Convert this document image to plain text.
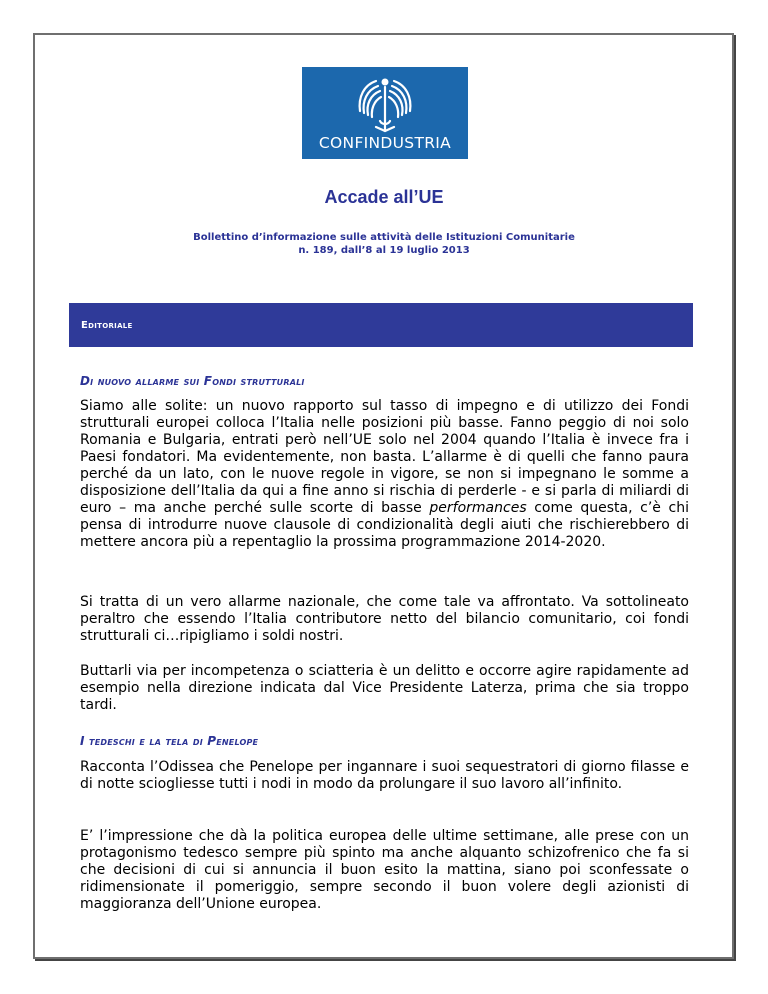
CONFINDUSTRIA
Accade all’UE
Bollettino d’informazione sulle attività delle Istituzioni Comunitarie
n. 189, dall’8 al 19 luglio 2013
Editoriale
Di nuovo allarme sui Fondi strutturali

Siamo alle solite: un nuovo rapporto sul tasso di impegno e di utilizzo dei Fondi strutturali europei colloca l’Italia nelle posizioni più basse. Fanno peggio di noi solo Romania e Bulgaria, entrati però nell’UE solo nel 2004 quando l’Italia è invece fra i Paesi fondatori. Ma evidentemente, non basta. L’allarme è di quelli che fanno paura perché da un lato, con le nuove regole in vigore, se non si impegnano le somme a disposizione dell’Italia da qui a fine anno si rischia di perderle - e si parla di miliardi di euro – ma anche perché sulle scorte di basse performances come questa, c’è chi pensa di introdurre nuove clausole di condizionalità degli aiuti che rischierebbero di mettere ancora più a repentaglio la prossima programmazione 2014-2020.

Si tratta di un vero allarme nazionale, che come tale va affrontato. Va sottolineato peraltro che essendo l’Italia contributore netto del bilancio comunitario, coi fondi strutturali ci…ripigliamo i soldi nostri.

Buttarli via per incompetenza o sciatteria è un delitto e occorre agire rapidamente ad esempio nella direzione indicata dal Vice Presidente Laterza, prima che sia troppo tardi.

I tedeschi e la tela di Penelope

Racconta l’Odissea che Penelope per ingannare i suoi sequestratori di giorno filasse e di notte sciogliesse tutti i nodi in modo da prolungare il suo lavoro all’infinito.

E’ l’impressione che dà la politica europea delle ultime settimane, alle prese con un protagonismo tedesco sempre più spinto ma anche alquanto schizofrenico che fa si che decisioni di cui si annuncia il buon esito la mattina, siano poi sconfessate o ridimensionate il pomeriggio, sempre secondo il buon volere degli azionisti di maggioranza dell’Unione europea.
